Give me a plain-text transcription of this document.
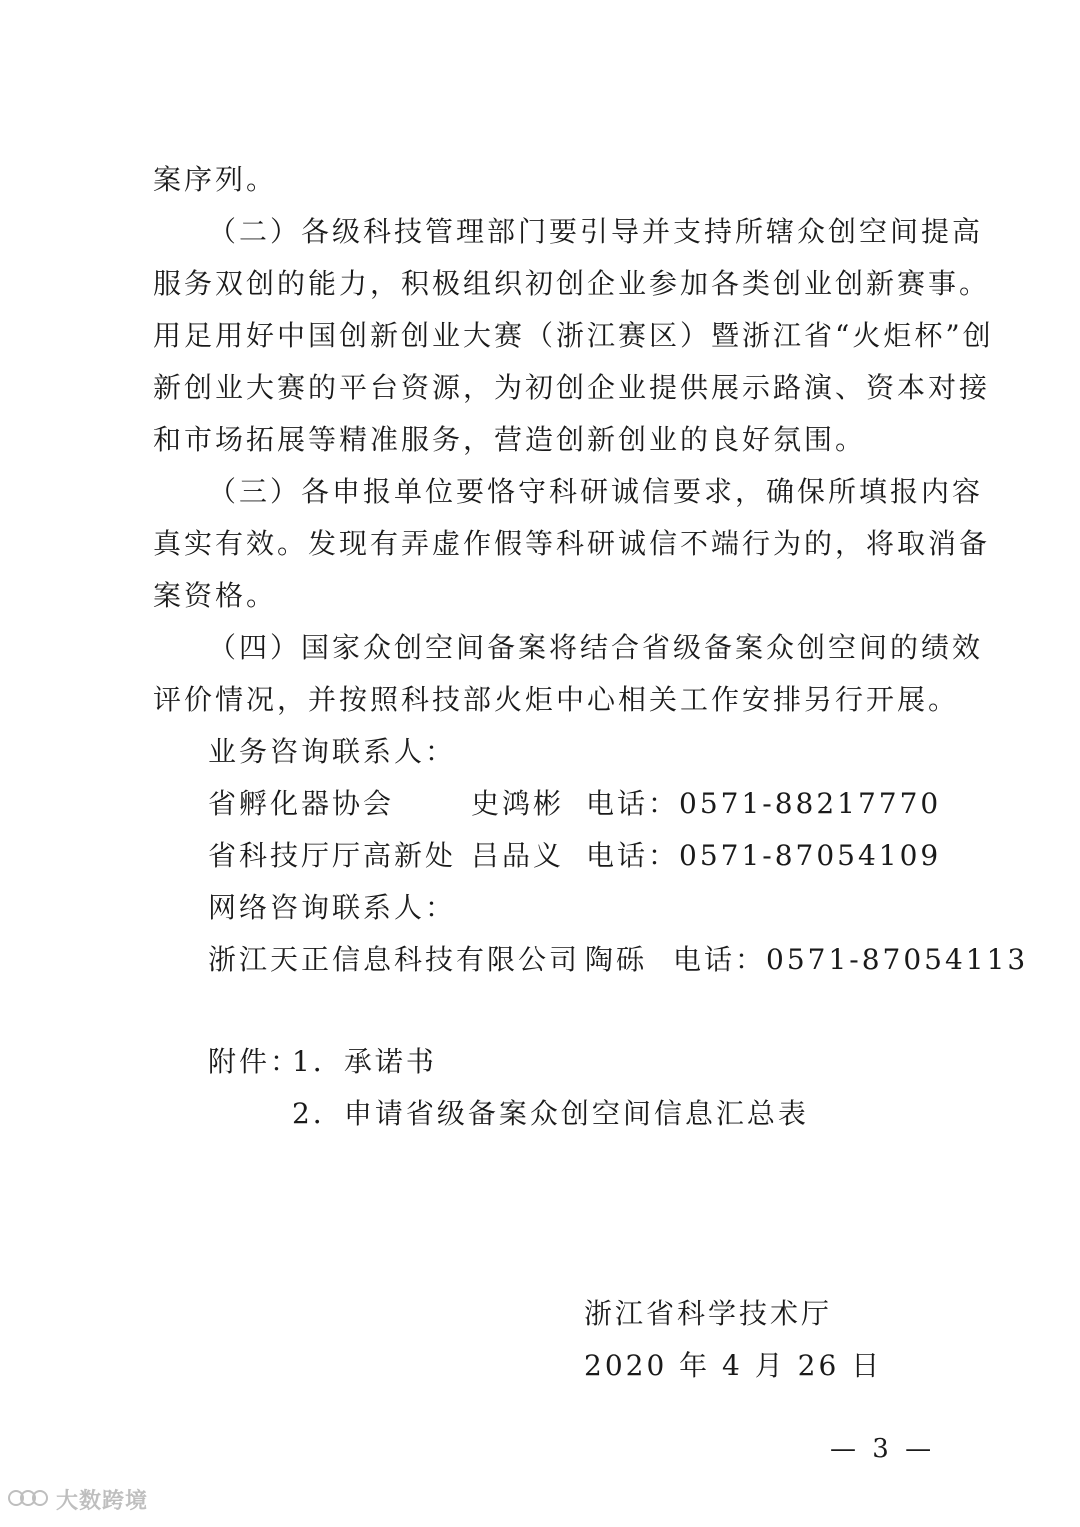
案序列。
（二）各级科技管理部门要引导并支持所辖众创空间提高
服务双创的能力，积极组织初创企业参加各类创业创新赛事。
用足用好中国创新创业大赛（浙江赛区）暨浙江省“火炬杯”创
新创业大赛的平台资源，为初创企业提供展示路演、资本对接
和市场拓展等精准服务，营造创新创业的良好氛围。
（三）各申报单位要恪守科研诚信要求，确保所填报内容
真实有效。发现有弄虚作假等科研诚信不端行为的，将取消备
案资格。
（四）国家众创空间备案将结合省级备案众创空间的绩效
评价情况，并按照科技部火炬中心相关工作安排另行开展。
业务咨询联系人：
省孵化器协会	史鸿彬 电话：0571-88217770
省科技厅厅高新处 吕品义 电话：0571-87054109
网络咨询联系人：
浙江天正信息科技有限公司 陶砾 电话：0571-87054113
附件：
1．承诺书
2．申请省级备案众创空间信息汇总表
浙江省科学技术厅
2020 年 4 月 26 日
— 3 —
大数跨境
